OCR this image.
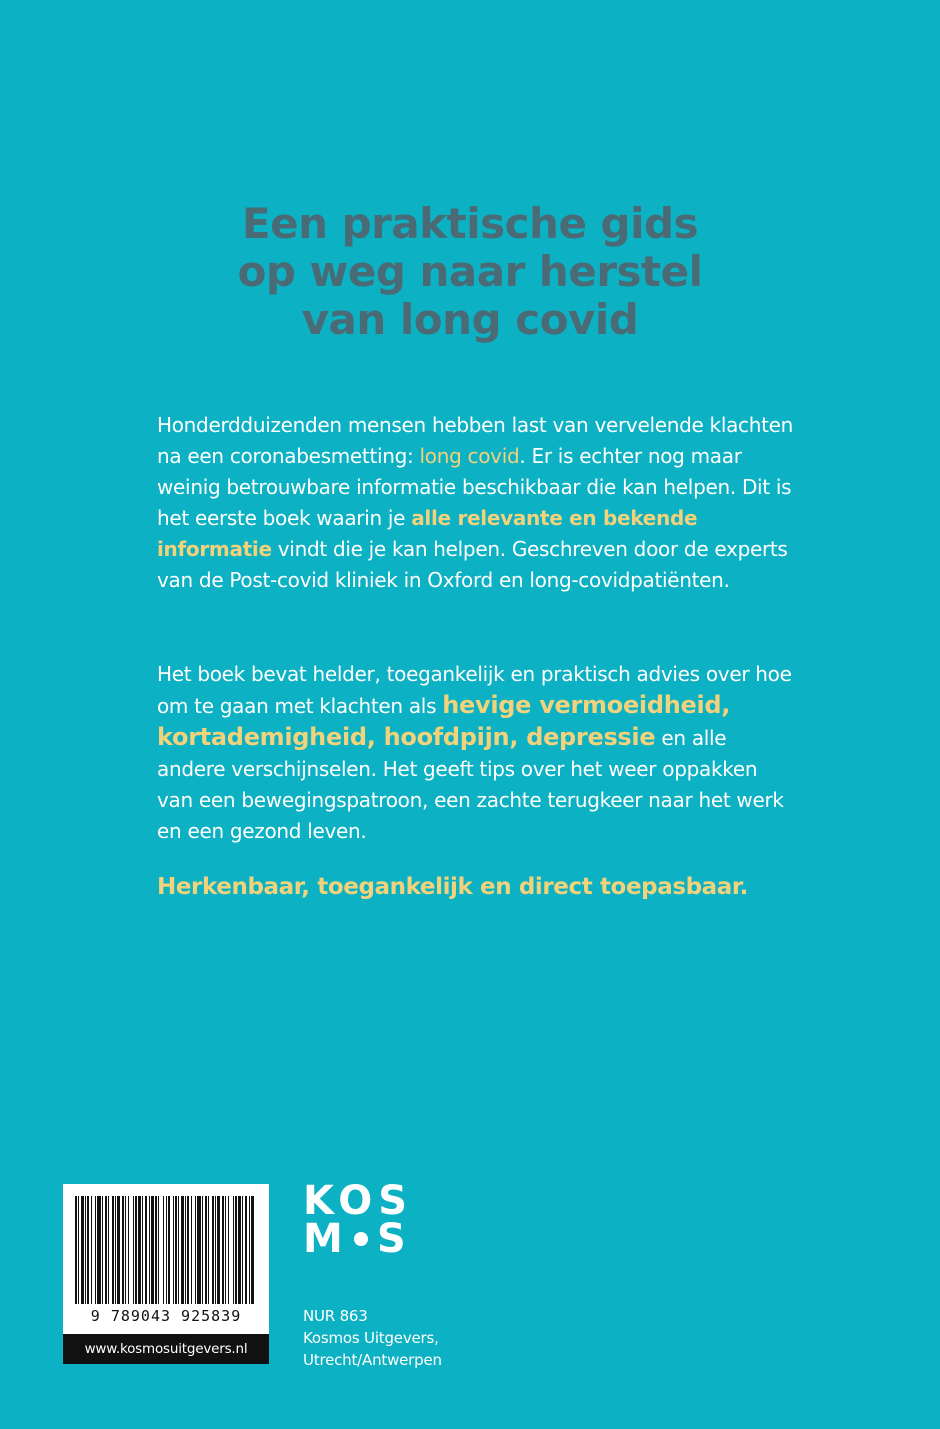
Een praktische gids
op weg naar herstel
van long covid
Honderdduizenden mensen hebben last van vervelende klachten na een coronabesmetting: long covid. Er is echter nog maar weinig betrouwbare informatie beschikbaar die kan helpen. Dit is het eerste boek waarin je alle relevante en bekende informatie vindt die je kan helpen. Geschreven door de experts van de Post-covid kliniek in Oxford en long-covidpatiënten.
Het boek bevat helder, toegankelijk en praktisch advies over hoe om te gaan met klachten als hevige vermoeidheid, kortademigheid, hoofdpijn, depressie en alle andere verschijnselen. Het geeft tips over het weer oppakken van een bewegingspatroon, een zachte terugkeer naar het werk en een gezond leven.
Herkenbaar, toegankelijk en direct toepasbaar.
9 789043 925839
www.kosmosuitgevers.nl
KOS
M S
NUR 863
Kosmos Uitgevers,
Utrecht/Antwerpen
